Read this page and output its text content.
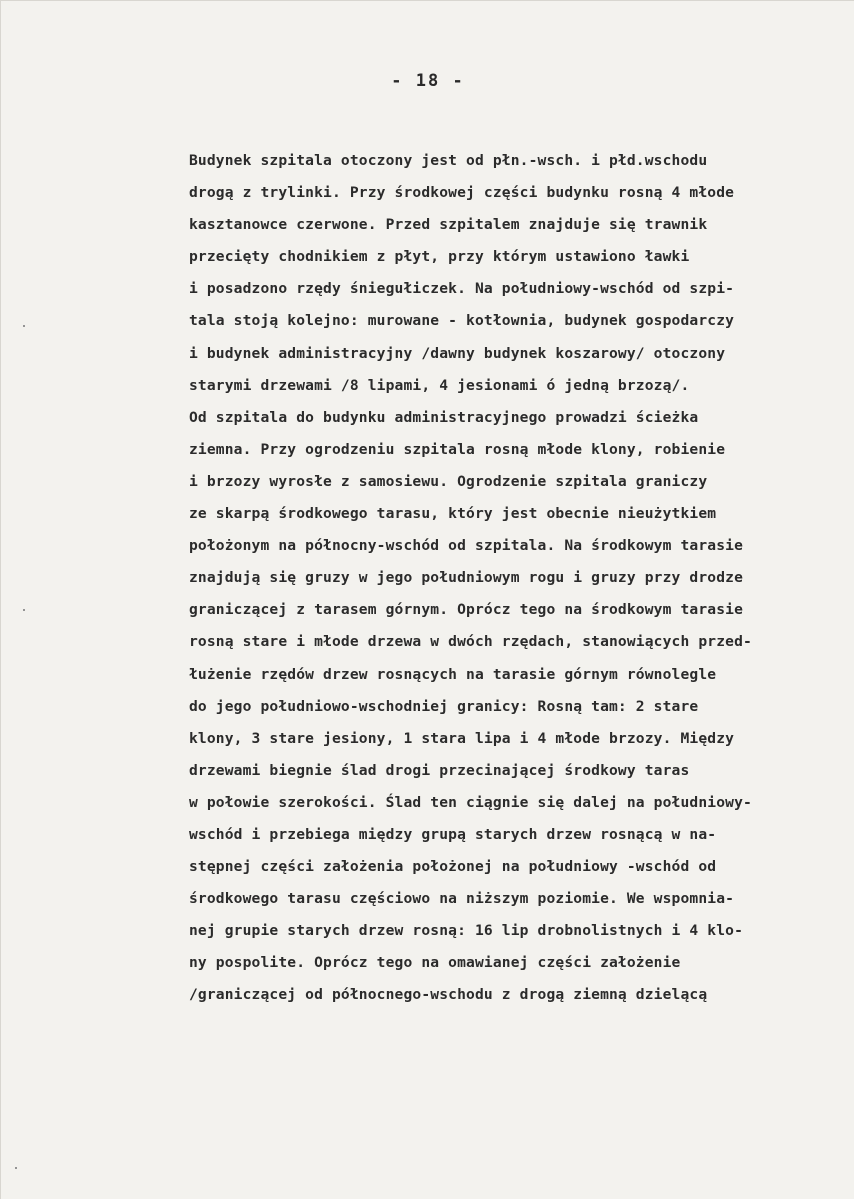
- 18 -
Budynek szpitala otoczony jest od płn.-wsch. i płd.wschodu
drogą z trylinki. Przy środkowej części budynku rosną 4 młode
kasztanowce czerwone. Przed szpitalem znajduje się trawnik
przecięty chodnikiem z płyt, przy którym ustawiono ławki
i posadzono rzędy śniegułiczek. Na południowy-wschód od szpi-
tala stoją kolejno: murowane - kotłownia, budynek gospodarczy
i budynek administracyjny /dawny budynek koszarowy/ otoczony
starymi drzewami /8 lipami, 4 jesionami ó jedną brzozą/.
Od szpitala do budynku administracyjnego prowadzi ścieżka
ziemna. Przy ogrodzeniu szpitala rosną młode klony, robienie
i brzozy wyrosłe z samosiewu. Ogrodzenie szpitala graniczy
ze skarpą środkowego tarasu, który jest obecnie nieużytkiem
położonym na północny-wschód od szpitala. Na środkowym tarasie
znajdują się gruzy w jego południowym rogu i gruzy przy drodze
graniczącej z tarasem górnym. Oprócz tego na środkowym tarasie
rosną stare i młode drzewa w dwóch rzędach, stanowiących przed-
łużenie rzędów drzew rosnących na tarasie górnym równolegle
do jego południowo-wschodniej granicy: Rosną tam: 2 stare
klony, 3 stare jesiony, 1 stara lipa i 4 młode brzozy. Między
drzewami biegnie ślad drogi przecinającej środkowy taras
w połowie szerokości. Ślad ten ciągnie się dalej na południowy-
wschód i przebiega między grupą starych drzew rosnącą w na-
stępnej części założenia położonej na południowy -wschód od
środkowego tarasu częściowo na niższym poziomie. We wspomnia-
nej grupie starych drzew rosną: 16 lip drobnolistnych i 4 klo-
ny pospolite. Oprócz tego na omawianej części założenie
/graniczącej od północnego-wschodu z drogą ziemną dzielącą
